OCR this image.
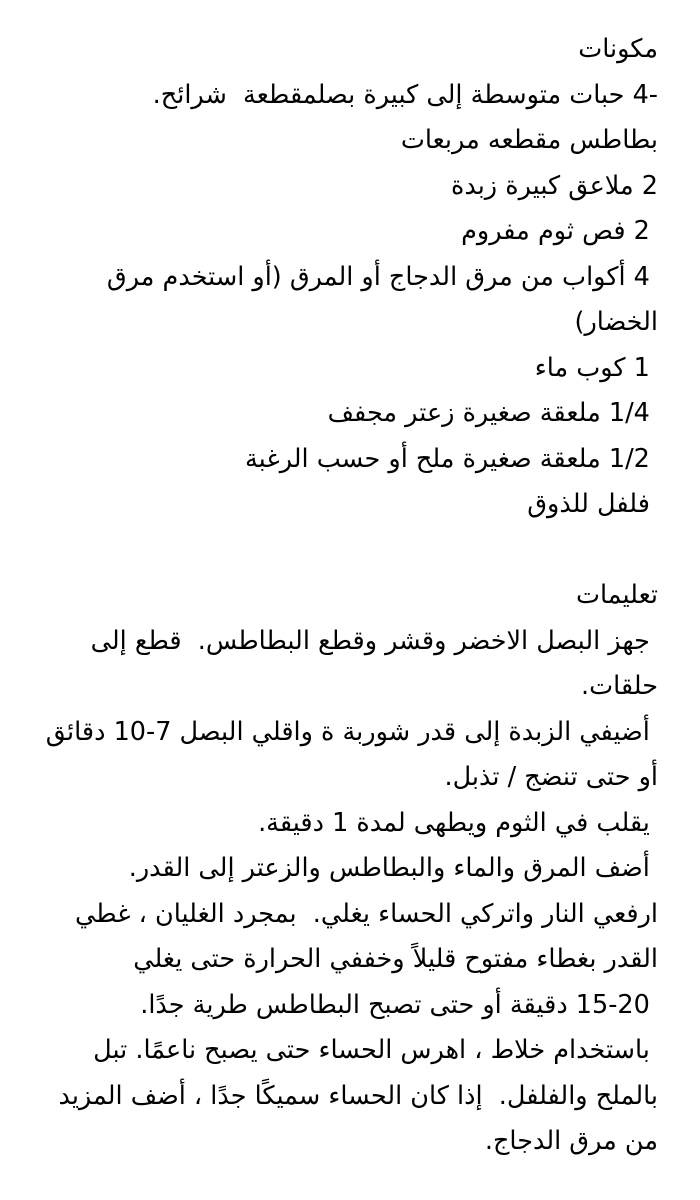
مكونات

-4 حبات متوسطة إلى كبيرة بصلمقطعة  شرائح.

بطاطس مقطعه مربعات

2 ملاعق كبيرة زبدة

2 فص ثوم مفروم

4 أكواب من مرق الدجاج أو المرق (أو استخدم مرق الخضار)

1 كوب ماء

1/4 ملعقة صغيرة زعتر مجفف

1/2 ملعقة صغيرة ملح أو حسب الرغبة

فلفل للذوق

تعليمات

جهز البصل الاخضر وقشر وقطع البطاطس.  قطع إلى حلقات.

أضيفي الزبدة إلى قدر شوربة ة واقلي البصل 7-10 دقائق أو حتى تنضج / تذبل.

يقلب في الثوم ويطهى لمدة 1 دقيقة.

أضف المرق والماء والبطاطس والزعتر إلى القدر.

ارفعي النار واتركي الحساء يغلي.  بمجرد الغليان ، غطي القدر بغطاء مفتوح قليلاً وخففي الحرارة حتى يغلي

15-20 دقيقة أو حتى تصبح البطاطس طرية جدًا.

باستخدام خلاط ، اهرس الحساء حتى يصبح ناعمًا. تبل بالملح والفلفل.  إذا كان الحساء سميكًا جدًا ، أضف المزيد من مرق الدجاج.
